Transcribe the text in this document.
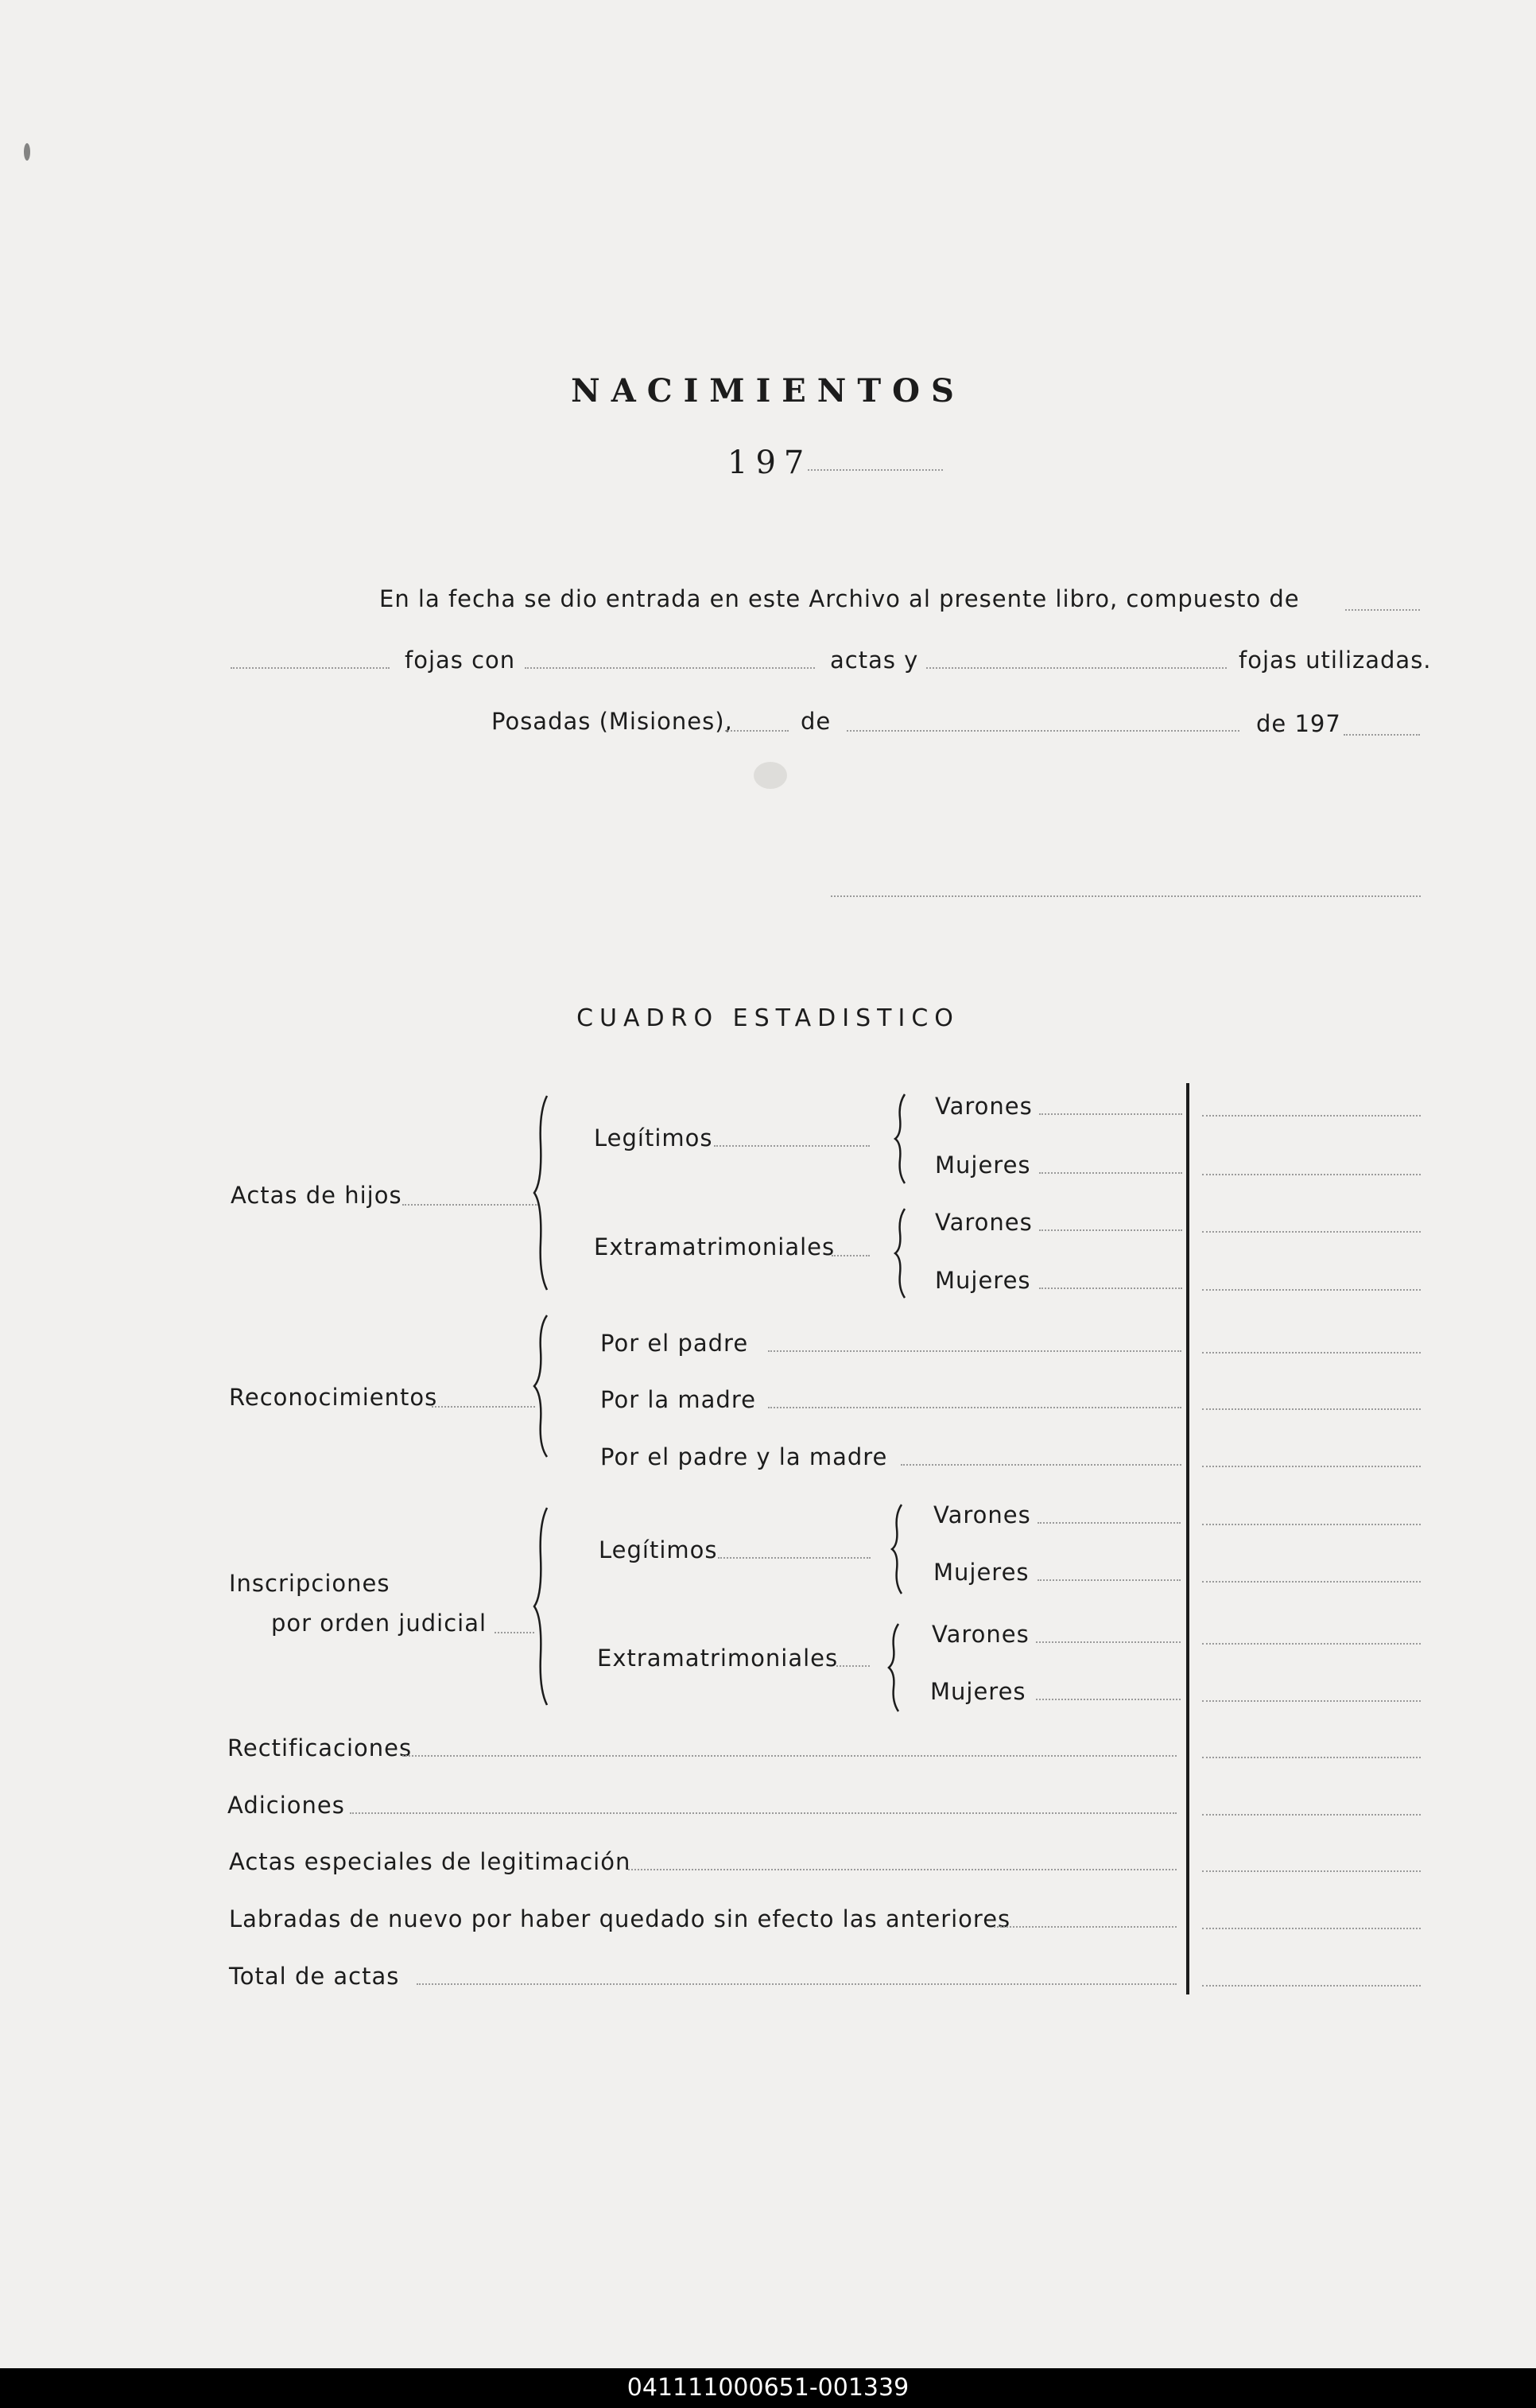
NACIMIENTOS
197
En la fecha se dio entrada en este Archivo al presente libro, compuesto de
fojas con	actas y	fojas utilizadas.
Posadas (Misiones),	de	de 197
CUADRO ESTADISTICO
Actas de hijos
Legítimos
Varones
Mujeres
Extramatrimoniales
Varones
Mujeres
Reconocimientos
Por el padre
Por la madre
Por el padre y la madre
Inscripciones
por orden judicial
Legítimos
Varones
Mujeres
Extramatrimoniales
Varones
Mujeres
Rectificaciones
Adiciones
Actas especiales de legitimación
Labradas de nuevo por haber quedado sin efecto las anteriores
Total de actas
041111000651-001339
